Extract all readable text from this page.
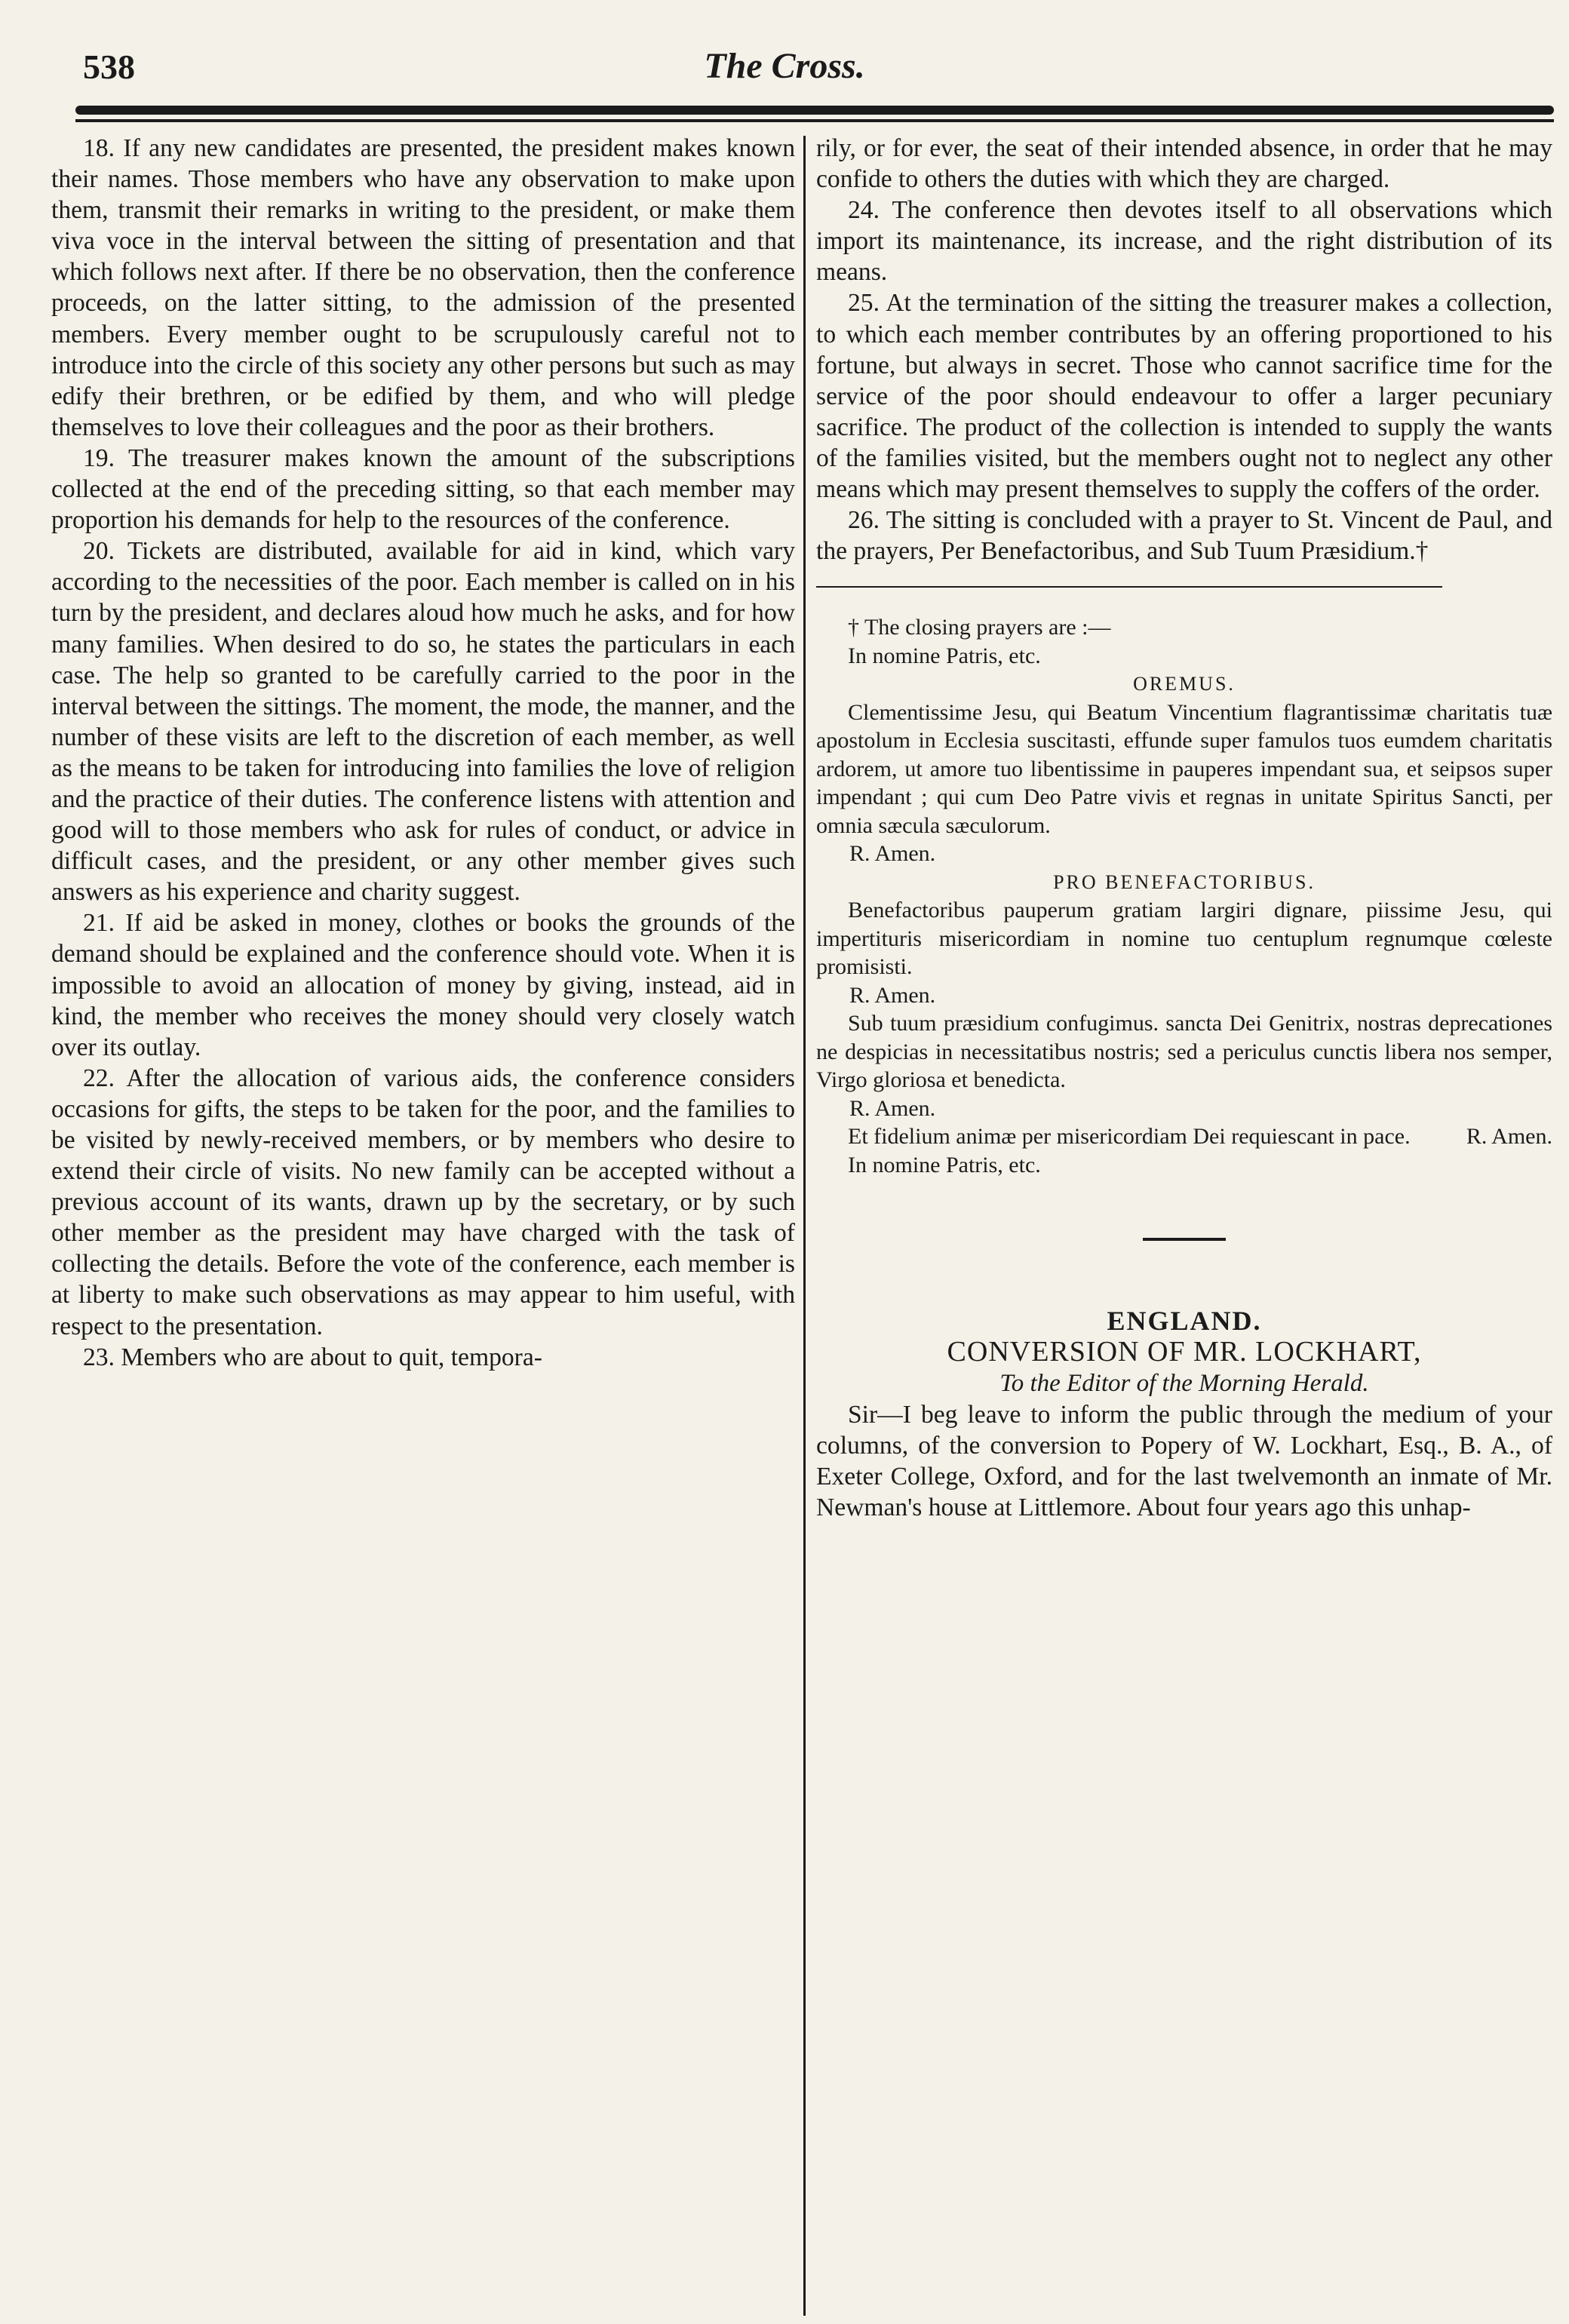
538	The Cross.

18. If any new candidates are presented, the president makes known their names. Those members who have any observation to make upon them, transmit their remarks in writing to the president, or make them viva voce in the interval between the sitting of presentation and that which follows next after. If there be no observation, then the conference proceeds, on the latter sitting, to the admission of the presented members. Every member ought to be scrupulously careful not to introduce into the circle of this society any other persons but such as may edify their brethren, or be edified by them, and who will pledge themselves to love their colleagues and the poor as their brothers.

19. The treasurer makes known the amount of the subscriptions collected at the end of the preceding sitting, so that each member may proportion his demands for help to the resources of the conference.

20. Tickets are distributed, available for aid in kind, which vary according to the necessities of the poor. Each member is called on in his turn by the president, and declares aloud how much he asks, and for how many families. When desired to do so, he states the particulars in each case. The help so granted to be carefully carried to the poor in the interval between the sittings. The moment, the mode, the manner, and the number of these visits are left to the discretion of each member, as well as the means to be taken for introducing into families the love of religion and the practice of their duties. The conference listens with attention and good will to those members who ask for rules of conduct, or advice in difficult cases, and the president, or any other member gives such answers as his experience and charity suggest.

21. If aid be asked in money, clothes or books the grounds of the demand should be explained and the conference should vote. When it is impossible to avoid an allocation of money by giving, instead, aid in kind, the member who receives the money should very closely watch over its outlay.

22. After the allocation of various aids, the conference considers occasions for gifts, the steps to be taken for the poor, and the families to be visited by newly-received members, or by members who desire to extend their circle of visits. No new family can be accepted without a previous account of its wants, drawn up by the secretary, or by such other member as the president may have charged with the task of collecting the details. Before the vote of the conference, each member is at liberty to make such observations as may appear to him useful, with respect to the presentation.

23. Members who are about to quit, tempora-

rily, or for ever, the seat of their intended absence, in order that he may confide to others the duties with which they are charged.

24. The conference then devotes itself to all observations which import its maintenance, its increase, and the right distribution of its means.

25. At the termination of the sitting the treasurer makes a collection, to which each member contributes by an offering proportioned to his fortune, but always in secret. Those who cannot sacrifice time for the service of the poor should endeavour to offer a larger pecuniary sacrifice. The product of the collection is intended to supply the wants of the families visited, but the members ought not to neglect any other means which may present themselves to supply the coffers of the order.

26. The sitting is concluded with a prayer to St. Vincent de Paul, and the prayers, Per Benefactoribus, and Sub Tuum Præsidium.†

† The closing prayers are :—

In nomine Patris, etc.

OREMUS.

Clementissime Jesu, qui Beatum Vincentium flagrantissimæ charitatis tuæ apostolum in Ecclesia suscitasti, effunde super famulos tuos eumdem charitatis ardorem, ut amore tuo libentissime in pauperes impendant sua, et seipsos super impendant ; qui cum Deo Patre vivis et regnas in unitate Spiritus Sancti, per omnia sæcula sæculorum.

R. Amen.

PRO BENEFACTORIBUS.

Benefactoribus pauperum gratiam largiri dignare, piissime Jesu, qui impertituris misericordiam in nomine tuo centuplum regnumque cœleste promisisti.

R. Amen.

Sub tuum præsidium confugimus. sancta Dei Genitrix, nostras deprecationes ne despicias in necessitatibus nostris; sed a periculus cunctis libera nos semper, Virgo gloriosa et benedicta.

R. Amen.

Et fidelium animæ per misericordiam Dei requiescant in pace.	R. Amen.

In nomine Patris, etc.

ENGLAND.

CONVERSION OF MR. LOCKHART,

To the Editor of the Morning Herald.

Sir—I beg leave to inform the public through the medium of your columns, of the conversion to Popery of W. Lockhart, Esq., B. A., of Exeter College, Oxford, and for the last twelvemonth an inmate of Mr. Newman's house at Littlemore. About four years ago this unhap-
